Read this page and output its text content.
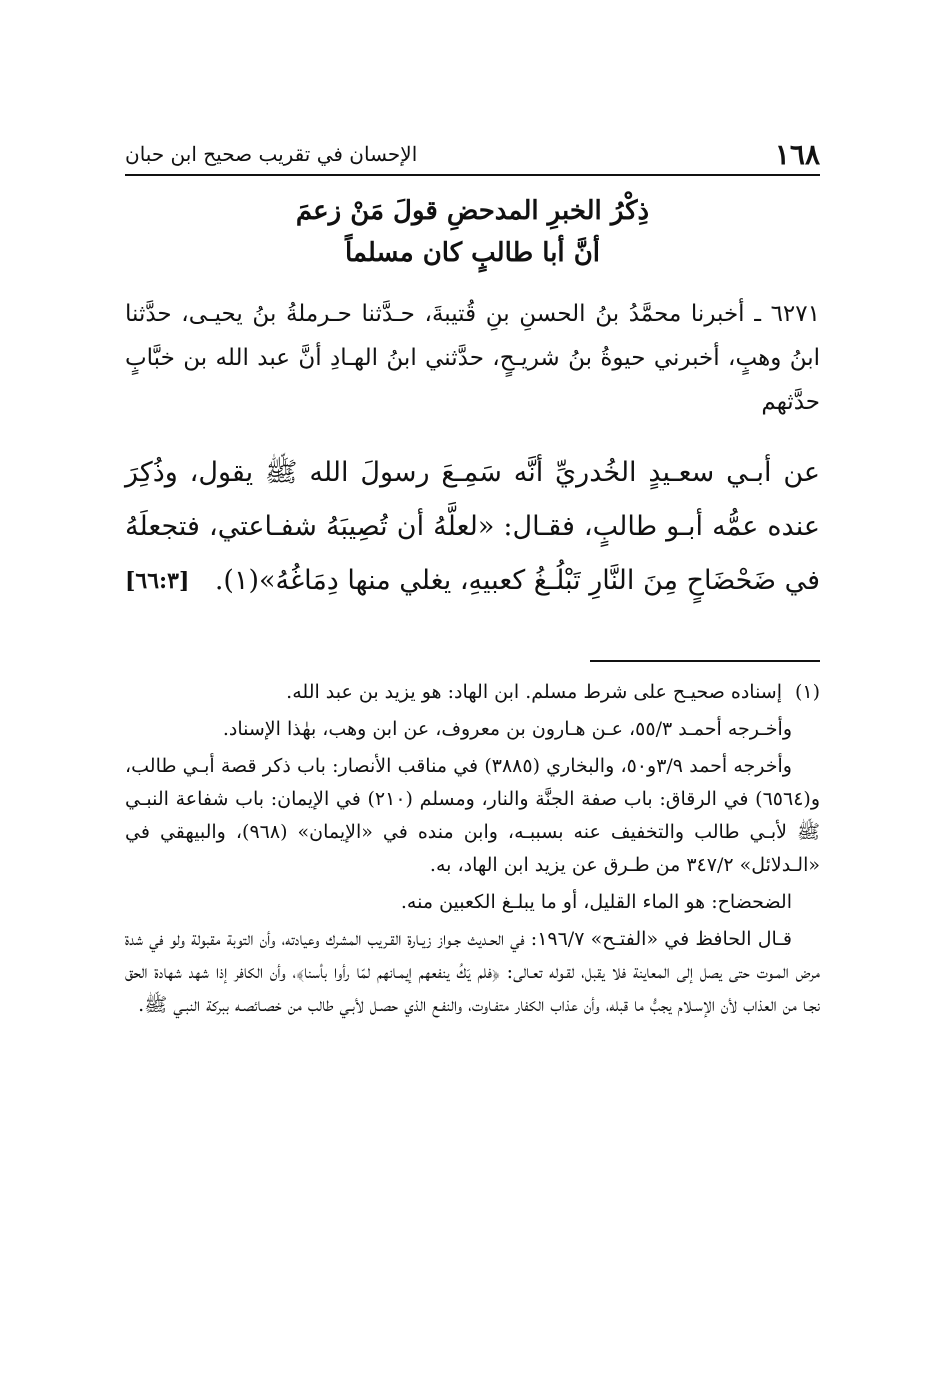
١٦٨
الإحسان في تقريب صحيح ابن حبان
ذِكْرُ الخبرِ المدحضِ قولَ مَنْ زعمَ
أنَّ أبا طالبٍ كان مسلماً
٦٢٧١ ـ أخبرنا محمَّدُ بنُ الحسنِ بنِ قُتيبةَ، حـدَّثنا حـرملةُ بنُ يحيـى، حدَّثنا ابنُ وهبٍ، أخبرني حيوةُ بنُ شريـحٍ، حدَّثني ابنُ الهـادِ أنَّ عبد الله بن خبَّابٍ حدَّثهم
عن أبـي سعـيدٍ الخُدريِّ أنَّه سَمِـعَ رسولَ الله ﷺ يقول، وذُكِرَ عنده عمُّه أبـو طالبٍ، فقـال: «لعلَّهُ أن تُصِيبَهُ شفـاعتي، فتجعلَهُ في ضَحْضَاحٍ مِنَ النَّارِ تَبْلُـغُ كعبيهِ، يغلي منها دِمَاغُهُ»(١).
[٦٦:٣]

(١)إسناده صحيـح على شرط مسلم. ابن الهاد: هو يزيد بن عبد الله.

وأخـرجه أحمـد ٥٥/٣، عـن هـارون بن معروف، عن ابن وهب، بهٰذا الإسناد.

وأخرجه أحمد ٣/٩و٥٠، والبخاري (٣٨٨٥) في مناقب الأنصار: باب ذكر قصة أبـي طالب، و(٦٥٦٤) في الرقاق: باب صفة الجنَّة والنار، ومسلم (٢١٠) في الإيمان: باب شفاعة النبـي ﷺ لأبـي طالب والتخفيف عنه بسببـه، وابن منده في «الإيمان» (٩٦٨)، والبيهقي في «الـدلائل» ٣٤٧/٢ من طـرق عن يزيد ابن الهاد، به.

الضحضاح: هو الماء القليل، أو ما يبلـغ الكعبين منه.

قـال الحافظ في «الفتـح» ١٩٦/٧: في الحـديث جـواز زيـارة القـريب المشرك وعيادته، وأن التوبة مقبولة ولو في شدة مرض المـوت حتى يصل إلى المعاينة فلا يقبل، لقـوله تعـالى: ﴿فلم يَكُ ينفعهم إيمـانهم لمّا رأوا بأسنا﴾، وأن الكافر إذا شهد شهادة الحق نجـا من العذاب لأن الإسـلام يجبُّ ما قبله، وأن عذاب الكفار متفـاوت، والنفـع الذي حصـل لأبـي طالب من خصـائصـه ببركة النبـي ﷺ.
